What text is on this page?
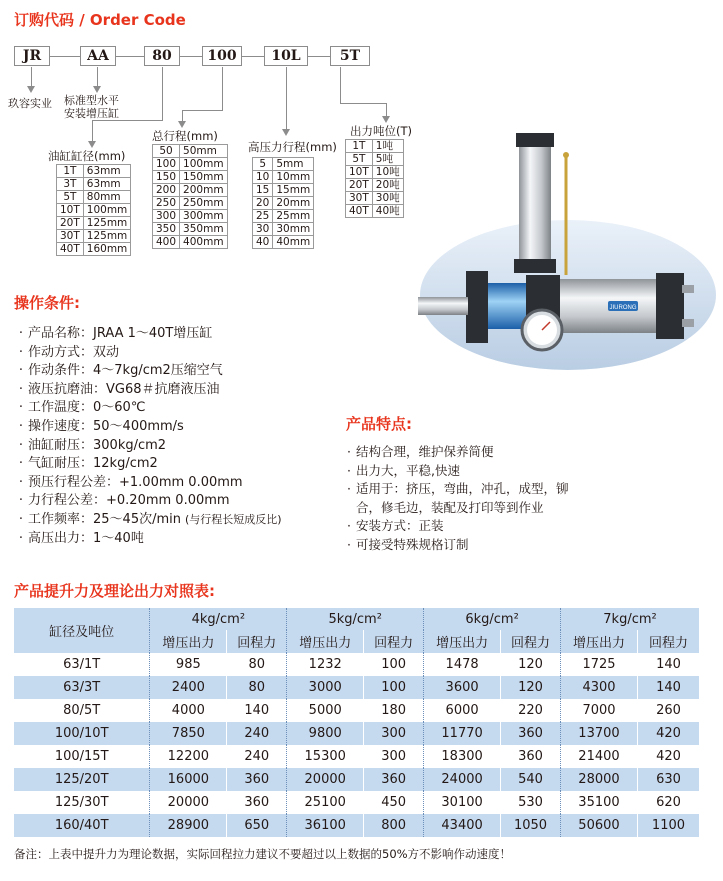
订购代码 / Order Code
JR	AA	80	100	10L	5T
玖容实业 标准型水平
安装增压缸
油缸缸径(mm)
1T	63mm
3T	63mm
5T	80mm
10T	100mm
20T	125mm
30T	125mm
40T	160mm
总行程(mm)
50	50mm
100	100mm
150	150mm
200	200mm
250	250mm
300	300mm
350	350mm
400	400mm
高压力行程(mm)
5	5mm
10	10mm
15	15mm
20	20mm
25	25mm
30	30mm
40	40mm
出力吨位(T)
1T	1吨
5T	5吨
10T	10吨
20T	20吨
30T	30吨
40T	40吨
JIURONG
操作条件:
· 产品名称：JRAA 1～40T增压缸
· 作动方式：双动
· 作动条件：4～7kg/cm2压缩空气
· 液压抗磨油：VG68＃抗磨液压油
· 工作温度：0～60℃
· 操作速度：50～400mm/s
· 油缸耐压：300kg/cm2
· 气缸耐压：12kg/cm2
· 预压行程公差：+1.00mm 0.00mm
· 力行程公差：+0.20mm 0.00mm
· 工作频率：25～45次/min (与行程长短成反比)
· 高压出力：1～40吨
产品特点:
· 结构合理，维护保养简便
· 出力大，平稳,快速
· 适用于：挤压，弯曲，冲孔，成型，铆
合，修毛边，装配及打印等到作业
· 安装方式：正装
· 可接受特殊规格订制
产品提升力及理论出力对照表:
缸径及吨位	4kg/cm²		5kg/cm²		6kg/cm²		7kg/cm²	
	增压出力	回程力	增压出力	回程力	增压出力	回程力	增压出力	回程力
63/1T	985	80	1232	100	1478	120	1725	140
63/3T	2400	80	3000	100	3600	120	4300	140
80/5T	4000	140	5000	180	6000	220	7000	260
100/10T	7850	240	9800	300	11770	360	13700	420
100/15T	12200	240	15300	300	18300	360	21400	420
125/20T	16000	360	20000	360	24000	540	28000	630
125/30T	20000	360	25100	450	30100	530	35100	620
160/40T	28900	650	36100	800	43400	1050	50600	1100
备注：上表中提升力为理论数据，实际回程拉力建议不要超过以上数据的50%方不影响作动速度！
